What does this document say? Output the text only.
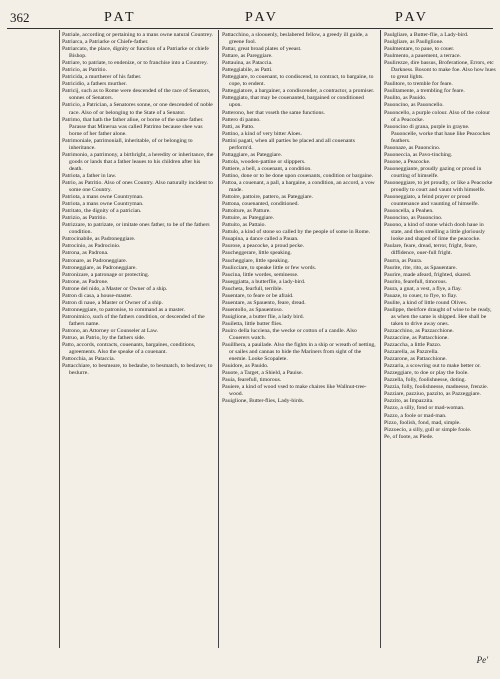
362	PAT	PAV	PAV

Patriale, according or pertaining to a mans owne natural Countrey.

Patriarca, a Patriarke or Chiefe-father.

Patriarcato, the place, dignity or function of a Patriarke or chiefe Bishop.

Patriare, to patriate, to endenize, or to franchise into a Countrey.

Patricio, as Patritio.

Patricida, a murtherer of his father.

Patricidio, a fathers murther.

Patricij, such as to Rome were descended of the race of Senators, sonnes of Senators.

Patricio, a Patrician, a Senatores sonne, or one descended of noble race. Also of or belonging to the State of a Senator.

Patrimo, that hath the father aliue, or borne of the same father. Parasse that Minerua was called Patrimo because shee was borne of her father alone.

Patrimoniale, patrimoniall, inheritable, of or belonging to inheritance.

Patrimonio, a patrimony, a birthright, a heredity or inheritance, the goods or lands that a father leaues to his children after his death.

Patriota, a father in law.

Patrio, as Patritio. Also of ones Country. Also naturally incident to some one Country.

Patriota, a mans owne Countryman.

Patriota, a mans owne Countryman.

Patritato, the dignity of a patrician.

Patrizio, as Patritio.

Patrizzare, to patrizate, or imitate ones father, to be of the fathers condition.

Patrocinabile, as Padroneggiare.

Patrocinio, as Padrocinio.

Patrona, as Padrona.

Patronare, as Padroneggiare.

Patroneggiare, as Padroneggiare.

Patronizare, a patronage or protecting.

Patrone, as Padrone.

Patrone del nido, a Master or Owner of a ship.

Patron di casa, a house-master.

Patron di naue, a Master or Owner of a ship.

Patronneggiare, to patronise, to command as a master.

Patronimico, such of the fathers condition, or descended of the fathers name.

Patrono, an Attorney or Counseler at Law.

Patruo, as Patrio, by the fathers side.

Patto, accords, contracts, couenants, bargaines, conditions, agreements. Also the speake of a couenant.

Pattocchia, as Pataccia.

Pattacchiare, to besmeare, to bedaube, to besmatch, to beslaver, to beslurre.

Pattacchino, a sloouenly, beslabered fellow, a greedy ill guide, a greene fool.

Pattar, great broad plates of yeeast.

Pattare, as Pareggiare.

Pattauina, as Pataccia.

Patteggiabile, as Patti.

Patteggiare, to couenant, to condiscend, to contract, to bargaine, to cope, to endent.

Patteggiatore, a bargainer, a condiscender, a contractor, a promiser.

Patteggiato, that may be couenanted, bargained or conditioned upon.

Patterono, her that vsseth the same functions.

Pattero di panno.

Patti, as Patto.

Pattino, a kind of very bitter Aloes.

Pattini pagati, when all parties be placed and all couenants perform'd.

Pattaggiare, as Pateggiare.

Pattola, wooden-pattine or slipppers.

Pattiere, a bell, a couenant, a condition.

Pattino, done or to be done upon couenants, condition or bargaine.

Pattoa, a couenant, a pall, a bargaine, a condition, an accord, a vow made.

Pattoire, pattoire, pattero, as Pateggiare.

Pattona, couenanted, conditioned.

Pattoiture, as Patture.

Pattuire, as Pateggiare.

Pattuito, as Pattaio.

Pattulo, a kind of stone so called by the people of some in Rome.

Pauapina, a dance called a Pauan.

Paurose, a peacocke, a proud pecke.

Paucheggerare, little speaking.

Paucheggiare, little speaking.

Paulicciare, to speake little or few words.

Paucina, little wordes, seminesse.

Paueggiatta, a butterflie, a lady-bird.

Paucheta, fearfull, terrible.

Pauentare, to feare or be afraid.

Pauentare, as Spauento, feare, dread.

Pauentollo, as Spauentoso.

Pauiglione, a butter flie, a lady bird.

Pauiletta, little butter flies.

Pauiro della lucciena, the wecke or cotton of a candle. Also Couerers watch.

Pauillhera, a pauilade. Also the fights in a ship or wreath of netting, or sailes and cannas to hide the Mariners from sight of the enemie. Looke Scopalete.

Pauidore, as Pauido.

Pauote, a Target, a Shield, a Pauise.

Pauia, fearefull, timorous.

Pauiere, a kind of wood vsed to make chaires like Wallnut-tree-wood.

Pauiglione, Butter-flies, Lady-birds.

Paulgliare, a Butter-flie, a Lady-bird.

Paulgliare, as Paullglione.

Paulmentare, to paue, to couer.

Paulmento, a pauement, a terrace.

Paulirezze, dire bassus, Broferatione, Errors, etc Darkness. Bosont to make foe. Also how hues to great lights.

Paulitore, to tremble for feare.

Paulitamente, a trembling for feare.

Paulito, as Pauido.

Pauoncino, as Pauoncello.

Pauoncello, a purple colour. Also of the colour of a Peacocke.

Pauoncino di grana, purple in grayne. Pauoncelle, worke that haue like Peacockes feathers.

Pauonaze, as Pauoncino.

Pauoneccia, as Pavo-tinching.

Pauone, a Peacocke.

Pauoneggiante, proudly gazing or proud in courting of himselfe.

Pauoneggiare, to jet proudly, or like a Peacocke proudly to court and vaunt with himselfe.

Pauoneggiato, a feind prayer or proud countenance and vaunting of himselfe.

Pauoncella, a Peahen.

Pauoncino, as Pauoncino.

Pauono, a kind of stone which dooh haue in state, and then smelling a little gloriously looke and shaped of lime the peacocke.

Paulare, feare, dread, terror, fright, feare, diffidence, ouer-full fright.

Paurra, as Paura.

Paurite, rite, rito, as Spauentare.

Paurire, made afeard, frighted, skared.

Paurito, fearefull, timorous.

Paura, a gnat, a vest, a flye, a flay.

Pauaze, to couer, to flye, to flay.

Paulite, a kind of little round Olives.

Paulippe, theirfore draught of wine to be ready, as when the same is shipped. Hee shall be taken to drive away ones.

Pazzacchino, as Pazzacchione.

Pazzaccine, as Pattacchione.

Pazzaccha, a little Pazzo.

Pazzarella, as Pazzrella.

Pazzarone, as Pattacchione.

Pazzaria, a scowring out to make better or.

Pazzeggiare, to doe or play the foole.

Pazzella, folly, foolishnesse, doting.

Pazzia, folly, foolishnesse, madnesse, frenzie.

Pazziare, pazziuo, pazzito, as Pazzeggiare.

Pazzito, as Impazzita.

Pazzo, a silly, fond or mad-woman.

Pazzo, a foole or mad-man.

Pizzo, foolish, fond, mad, simple.

Pizzoecio, a silly, gull or simple foole.

Pe, of foote, as Piede.

Pe'
